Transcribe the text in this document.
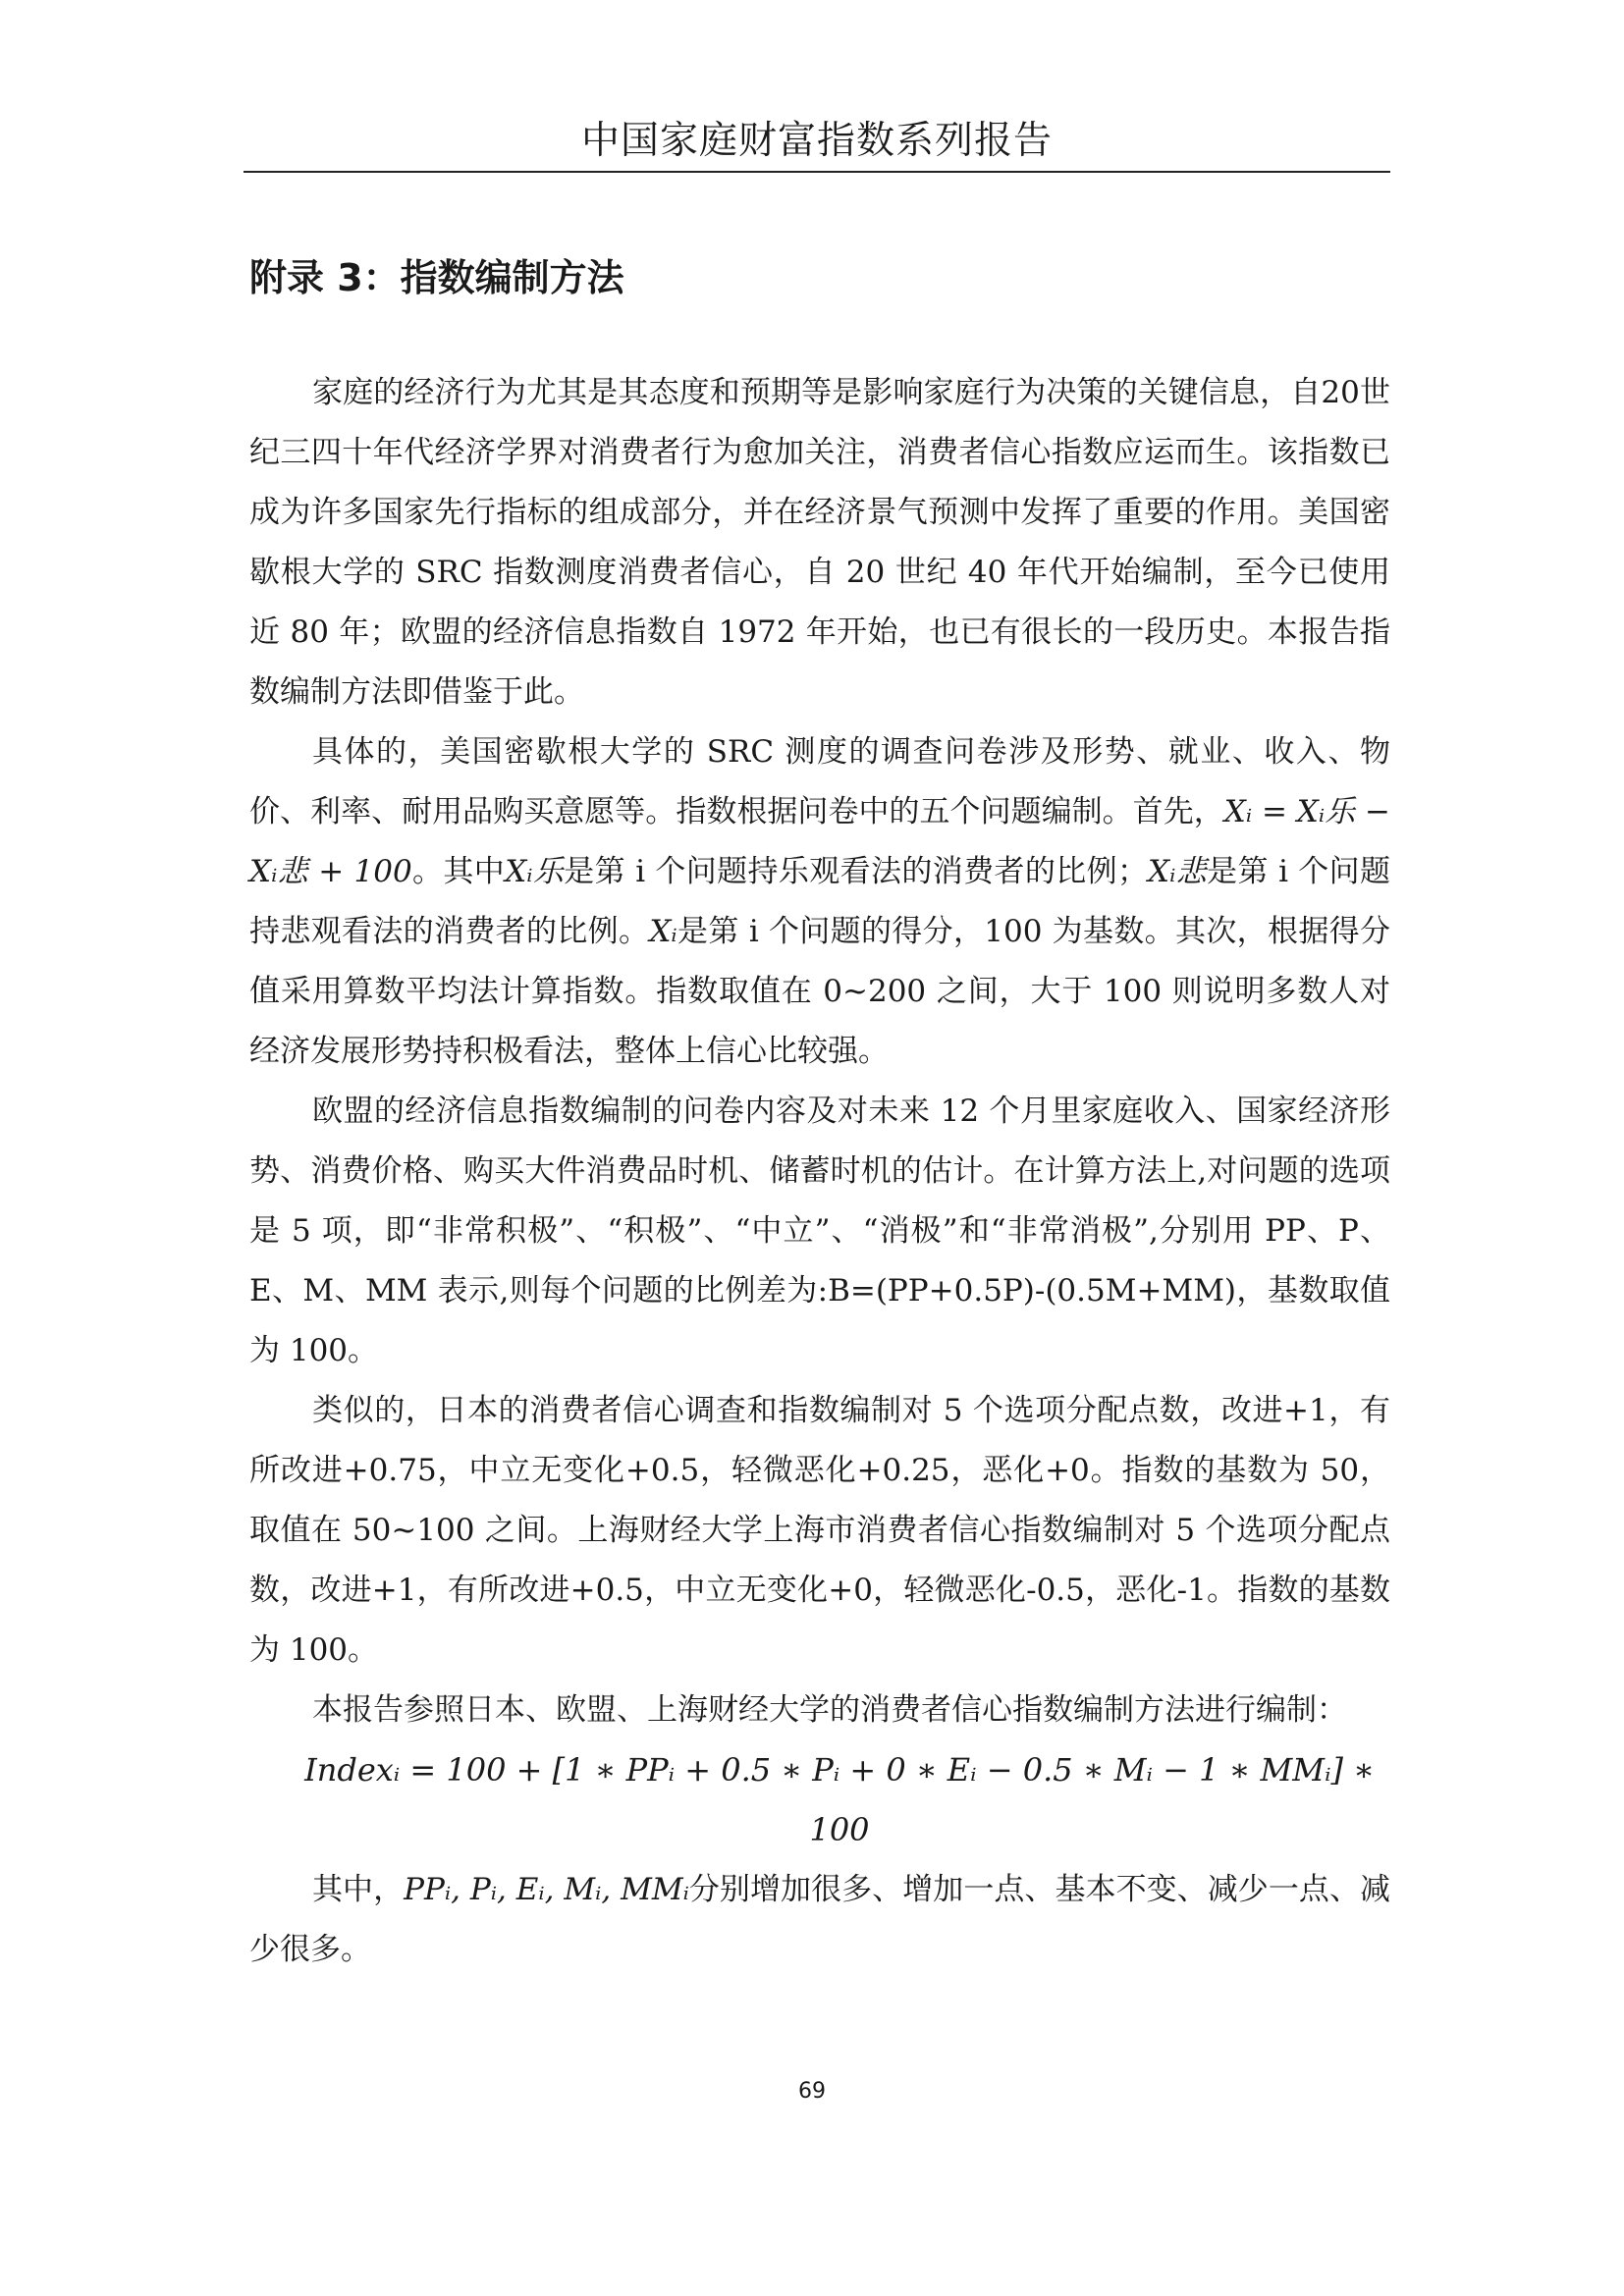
中国家庭财富指数系列报告
附录 3：指数编制方法

家庭的经济行为尤其是其态度和预期等是影响家庭行为决策的关键信息，自20世纪三四十年代经济学界对消费者行为愈加关注，消费者信心指数应运而生。该指数已成为许多国家先行指标的组成部分，并在经济景气预测中发挥了重要的作用。美国密歇根大学的 SRC 指数测度消费者信心，自 20 世纪 40 年代开始编制，至今已使用近 80 年；欧盟的经济信息指数自 1972 年开始，也已有很长的一段历史。本报告指数编制方法即借鉴于此。

具体的，美国密歇根大学的 SRC 测度的调查问卷涉及形势、就业、收入、物价、利率、耐用品购买意愿等。指数根据问卷中的五个问题编制。首先，Xᵢ = Xᵢ乐 − Xᵢ悲 + 100。其中Xᵢ乐是第 i 个问题持乐观看法的消费者的比例；Xᵢ悲是第 i 个问题持悲观看法的消费者的比例。Xᵢ是第 i 个问题的得分，100 为基数。其次，根据得分值采用算数平均法计算指数。指数取值在 0~200 之间，大于 100 则说明多数人对经济发展形势持积极看法，整体上信心比较强。

欧盟的经济信息指数编制的问卷内容及对未来 12 个月里家庭收入、国家经济形势、消费价格、购买大件消费品时机、储蓄时机的估计。在计算方法上,对问题的选项是 5 项，即“非常积极”、“积极”、“中立”、“消极”和“非常消极”,分别用 PP、P、E、M、MM 表示,则每个问题的比例差为:B=(PP+0.5P)-(0.5M+MM)，基数取值为 100。

类似的，日本的消费者信心调查和指数编制对 5 个选项分配点数，改进+1，有所改进+0.75，中立无变化+0.5，轻微恶化+0.25，恶化+0。指数的基数为 50，取值在 50~100 之间。上海财经大学上海市消费者信心指数编制对 5 个选项分配点数，改进+1，有所改进+0.5，中立无变化+0，轻微恶化-0.5，恶化-1。指数的基数为 100。

本报告参照日本、欧盟、上海财经大学的消费者信心指数编制方法进行编制：

Indexᵢ = 100 + [1 ∗ PPᵢ + 0.5 ∗ Pᵢ + 0 ∗ Eᵢ − 0.5 ∗ Mᵢ − 1 ∗ MMᵢ] ∗ 100

其中，PPᵢ, Pᵢ, Eᵢ, Mᵢ, MMᵢ分别增加很多、增加一点、基本不变、减少一点、减少很多。

69
